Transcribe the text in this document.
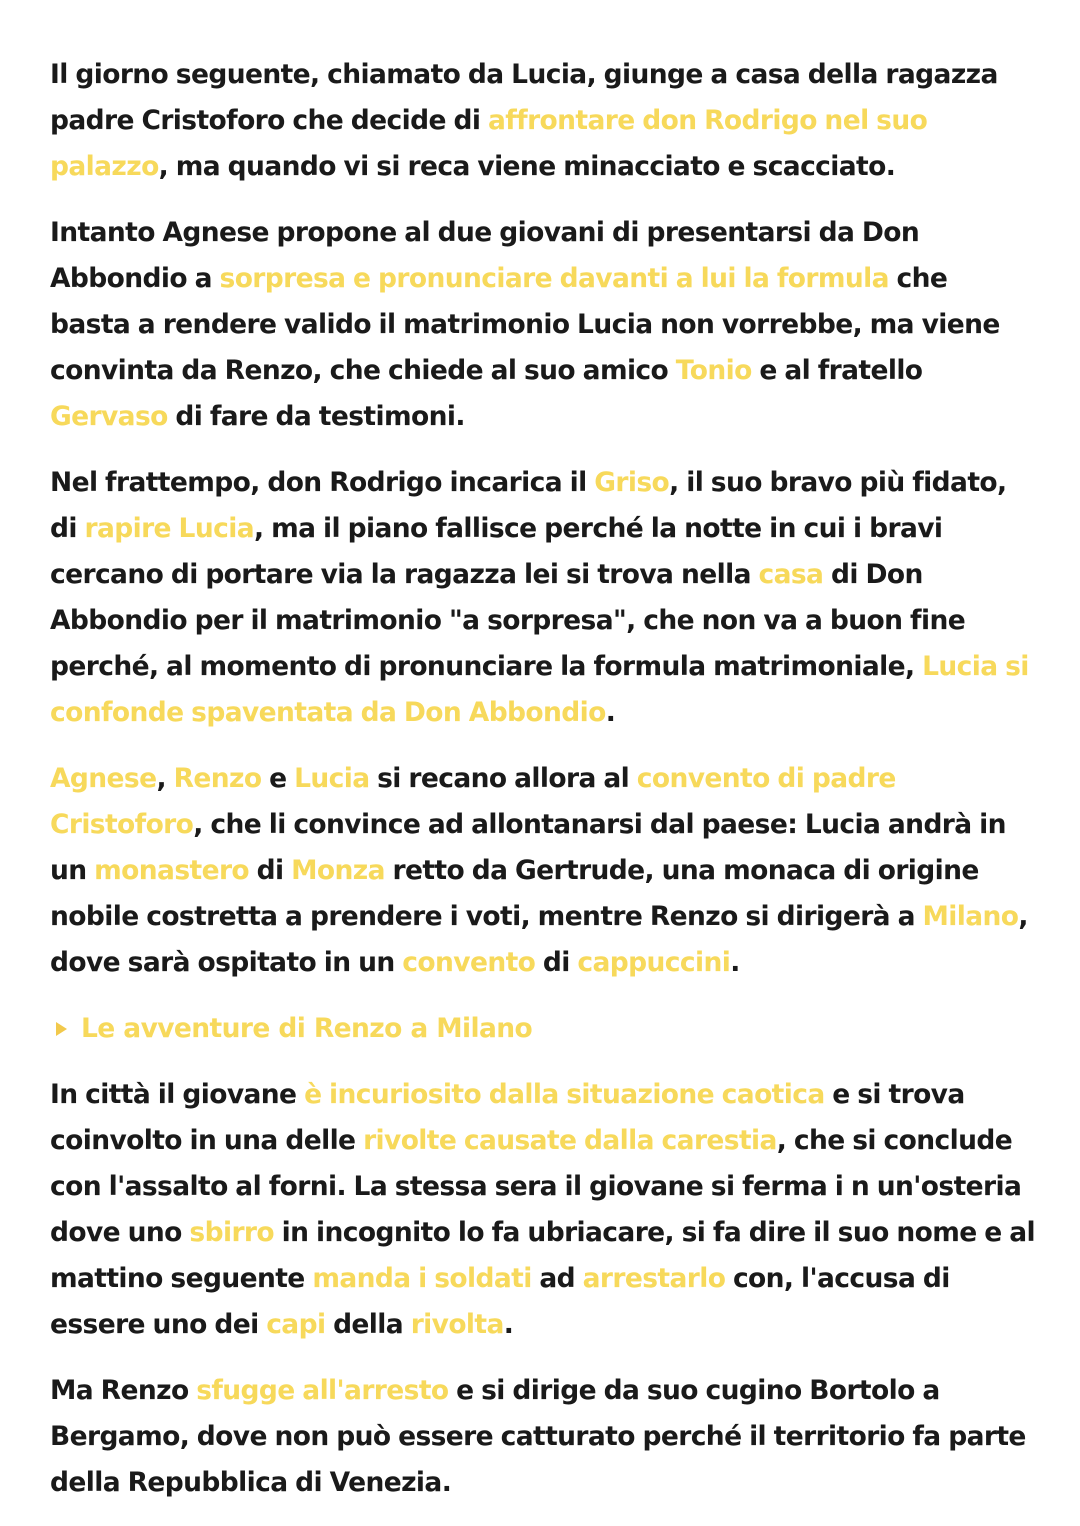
Il giorno seguente, chiamato da Lucia, giunge a casa della ragazza padre Cristoforo che decide di affrontare don Rodrigo nel suo palazzo, ma quando vi si reca viene minacciato e scacciato.

Intanto Agnese propone al due giovani di presentarsi da Don Abbondio a sorpresa e pronunciare davanti a lui la formula che basta a rendere valido il matrimonio Lucia non vorrebbe, ma viene convinta da Renzo, che chiede al suo amico Tonio e al fratello Gervaso di fare da testimoni.

Nel frattempo, don Rodrigo incarica il Griso, il suo bravo più fidato, di rapire Lucia, ma il piano fallisce perché la notte in cui i bravi cercano di portare via la ragazza lei si trova nella casa di Don Abbondio per il matrimonio "a sorpresa", che non va a buon fine perché, al momento di pronunciare la formula matrimoniale, Lucia si confonde spaventata da Don Abbondio.

Agnese, Renzo e Lucia si recano allora al convento di padre Cristoforo, che li convince ad allontanarsi dal paese: Lucia andrà in un monastero di Monza retto da Gertrude, una monaca di origine nobile costretta a prendere i voti, mentre Renzo si dirigerà a Milano, dove sarà ospitato in un convento di cappuccini.

Le avventure di Renzo a Milano

In città il giovane è incuriosito dalla situazione caotica e si trova coinvolto in una delle rivolte causate dalla carestia, che si conclude con l'assalto al forni. La stessa sera il giovane si ferma i n un'osteria dove uno sbirro in incognito lo fa ubriacare, si fa dire il suo nome e al mattino seguente manda i soldati ad arrestarlo con, l'accusa di essere uno dei capi della rivolta.

Ma Renzo sfugge all'arresto e si dirige da suo cugino Bortolo a Bergamo, dove non può essere catturato perché il territorio fa parte della Repubblica di Venezia.
